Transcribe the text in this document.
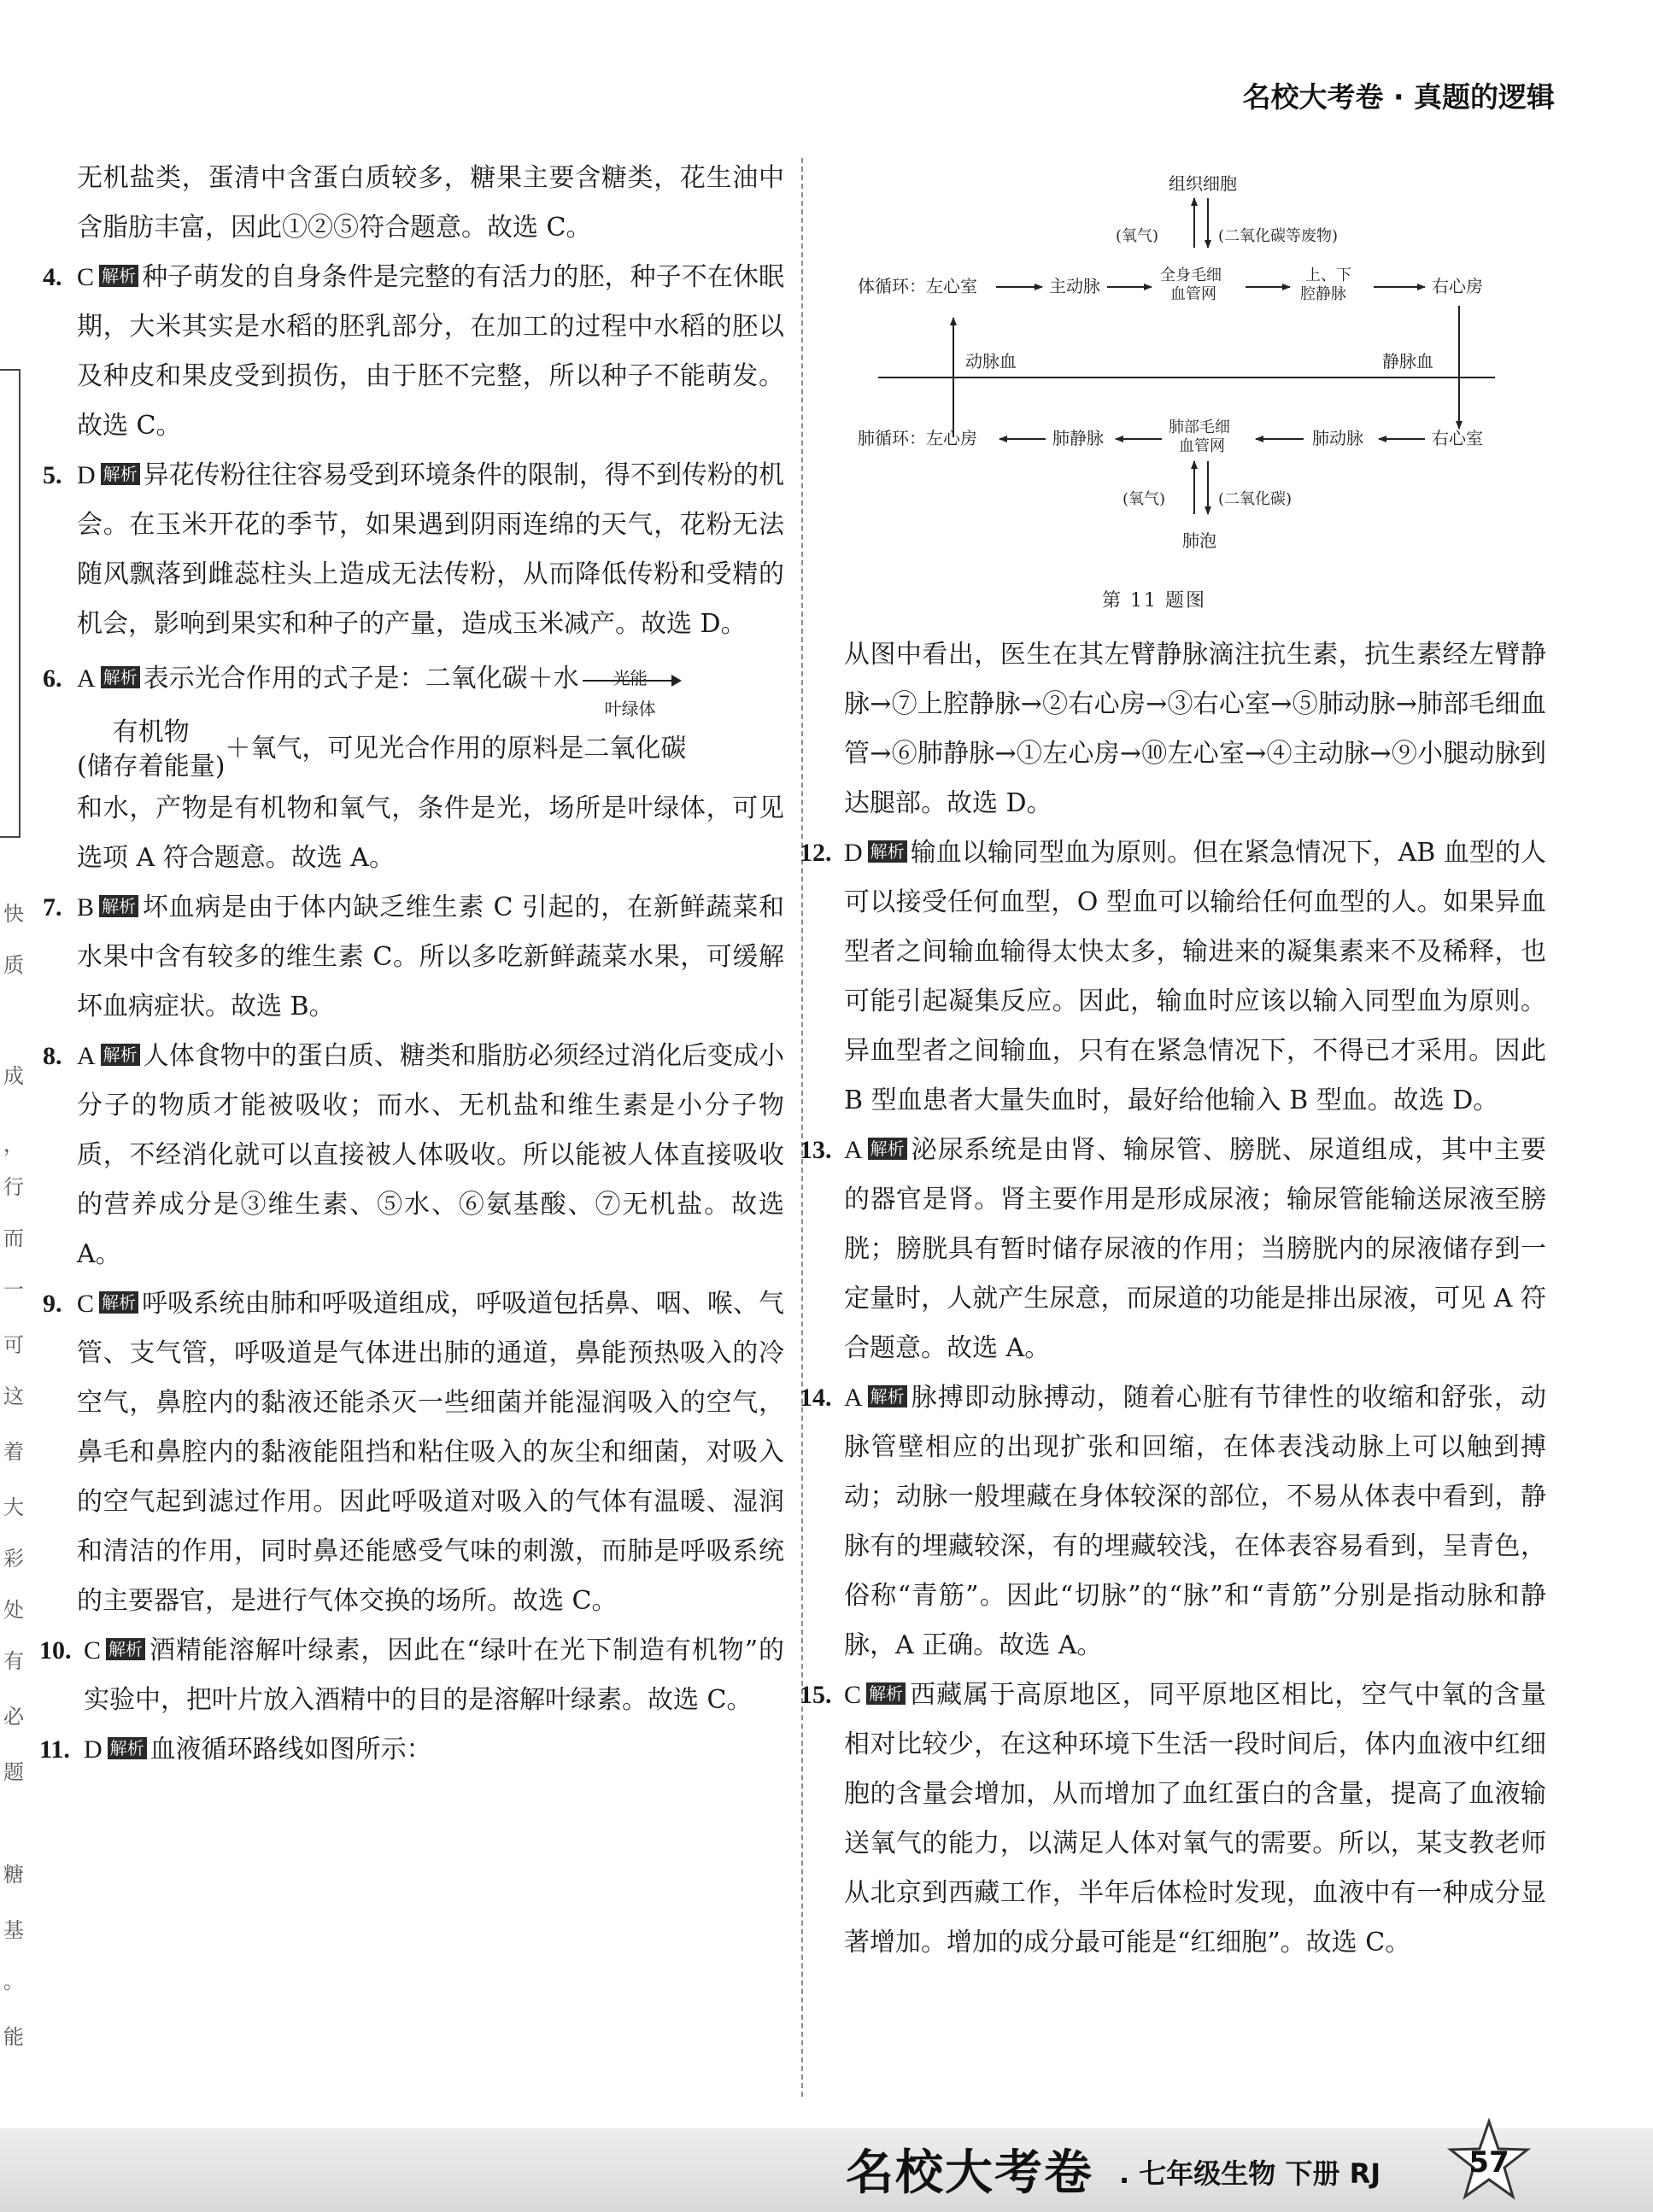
名校大考卷 · 真题的逻辑
快
质
成
，
行
而
一
可
这
着
大
彩
处
有
必
题
糖
基
。
能

无机盐类，蛋清中含蛋白质较多，糖果主要含糖类，花生油中含脂肪丰富，因此①②⑤符合题意。故选 C。

4. C 解析 种子萌发的自身条件是完整的有活力的胚，种子不在休眠期，大米其实是水稻的胚乳部分，在加工的过程中水稻的胚以及种皮和果皮受到损伤，由于胚不完整，所以种子不能萌发。故选 C。

5. D 解析 异花传粉往往容易受到环境条件的限制，得不到传粉的机会。在玉米开花的季节，如果遇到阴雨连绵的天气，花粉无法随风飘落到雌蕊柱头上造成无法传粉，从而降低传粉和受精的机会，影响到果实和种子的产量，造成玉米减产。故选 D。

6. A 解析 表示光合作用的式子是：二氧化碳＋水	光能
叶绿体
有机物
(储存着能量)＋氧气，可见光合作用的原料是二氧化碳
和水，产物是有机物和氧气，条件是光，场所是叶绿体，可见选项 A 符合题意。故选 A。

7. B 解析 坏血病是由于体内缺乏维生素 C 引起的，在新鲜蔬菜和水果中含有较多的维生素 C。所以多吃新鲜蔬菜水果，可缓解坏血病症状。故选 B。

8. A 解析 人体食物中的蛋白质、糖类和脂肪必须经过消化后变成小分子的物质才能被吸收；而水、无机盐和维生素是小分子物质，不经消化就可以直接被人体吸收。所以能被人体直接吸收的营养成分是③维生素、⑤水、⑥氨基酸、⑦无机盐。故选 A。

9. C 解析 呼吸系统由肺和呼吸道组成，呼吸道包括鼻、咽、喉、气管、支气管，呼吸道是气体进出肺的通道，鼻能预热吸入的冷空气，鼻腔内的黏液还能杀灭一些细菌并能湿润吸入的空气，鼻毛和鼻腔内的黏液能阻挡和粘住吸入的灰尘和细菌，对吸入的空气起到滤过作用。因此呼吸道对吸入的气体有温暖、湿润和清洁的作用，同时鼻还能感受气味的刺激，而肺是呼吸系统的主要器官，是进行气体交换的场所。故选 C。

10. C 解析 酒精能溶解叶绿素，因此在“绿叶在光下制造有机物”的实验中，把叶片放入酒精中的目的是溶解叶绿素。故选 C。

11. D 解析 血液循环路线如图所示：

组织细胞
(氧气)	(二氧化碳等废物)
体循环：左心室	主动脉
全身毛细
血管网
上、下
腔静脉	右心房
动脉血	静脉血
肺循环：左心房	肺静脉
肺部毛细
血管网	肺动脉	右心室
(氧气)	(二氧化碳)
肺泡
第 11 题图

从图中看出，医生在其左臂静脉滴注抗生素，抗生素经左臂静脉→⑦上腔静脉→②右心房→③右心室→⑤肺动脉→肺部毛细血管→⑥肺静脉→①左心房→⑩左心室→④主动脉→⑨小腿动脉到达腿部。故选 D。

12. D 解析 输血以输同型血为原则。但在紧急情况下，AB 血型的人可以接受任何血型，O 型血可以输给任何血型的人。如果异血型者之间输血输得太快太多，输进来的凝集素来不及稀释，也可能引起凝集反应。因此，输血时应该以输入同型血为原则。异血型者之间输血，只有在紧急情况下，不得已才采用。因此 B 型血患者大量失血时，最好给他输入 B 型血。故选 D。

13. A 解析 泌尿系统是由肾、输尿管、膀胱、尿道组成，其中主要的器官是肾。肾主要作用是形成尿液；输尿管能输送尿液至膀胱；膀胱具有暂时储存尿液的作用；当膀胱内的尿液储存到一定量时，人就产生尿意，而尿道的功能是排出尿液，可见 A 符合题意。故选 A。

14. A 解析 脉搏即动脉搏动，随着心脏有节律性的收缩和舒张，动脉管壁相应的出现扩张和回缩，在体表浅动脉上可以触到搏动；动脉一般埋藏在身体较深的部位，不易从体表中看到，静脉有的埋藏较深，有的埋藏较浅，在体表容易看到，呈青色，俗称“青筋”。因此“切脉”的“脉”和“青筋”分别是指动脉和静脉，A 正确。故选 A。

15. C 解析 西藏属于高原地区，同平原地区相比，空气中氧的含量相对比较少，在这种环境下生活一段时间后，体内血液中红细胞的含量会增加，从而增加了血红蛋白的含量，提高了血液输送氧气的能力，以满足人体对氧气的需要。所以，某支教老师从北京到西藏工作，半年后体检时发现，血液中有一种成分显著增加。增加的成分最可能是“红细胞”。故选 C。

名校大考卷 . 七年级生物 下册 RJ	57
